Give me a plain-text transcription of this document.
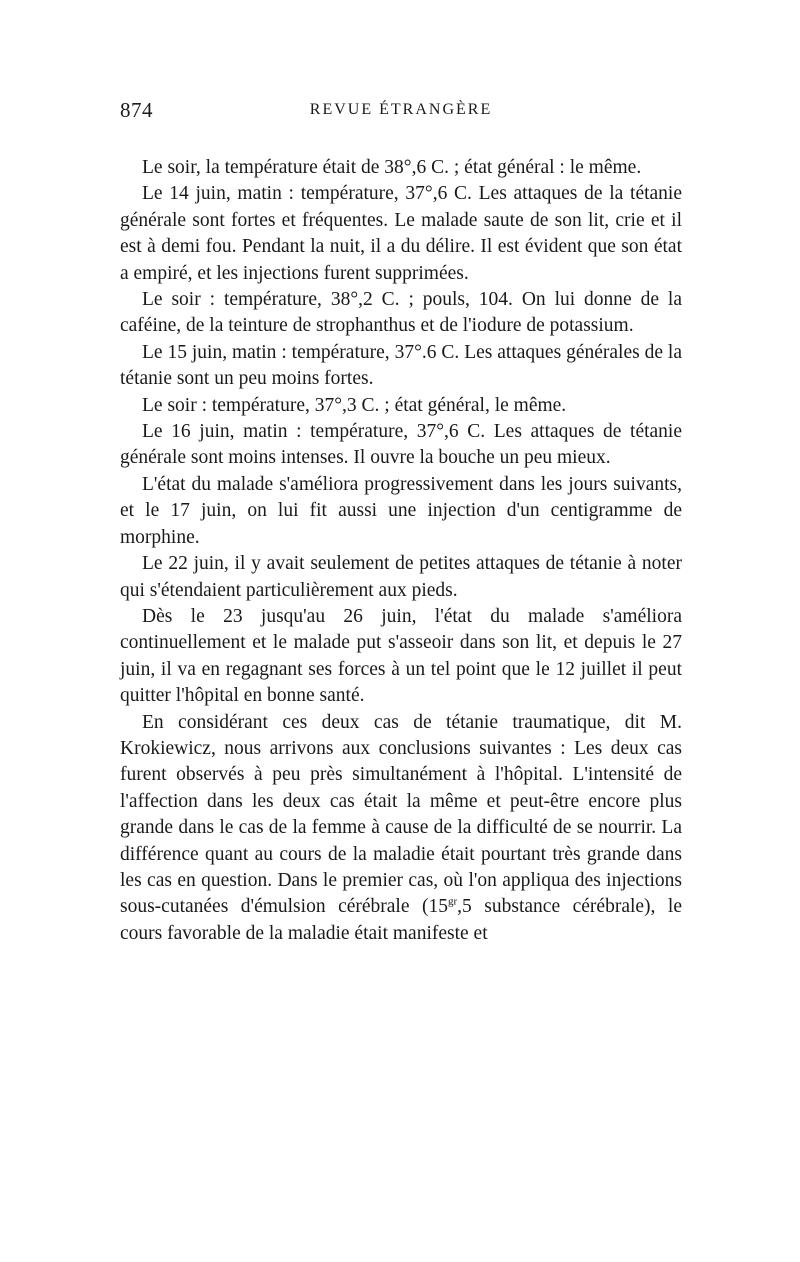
874	REVUE ÉTRANGÈRE

Le soir, la température était de 38°,6 C. ; état général : le même.

Le 14 juin, matin : température, 37°,6 C. Les attaques de la tétanie générale sont fortes et fréquentes. Le malade saute de son lit, crie et il est à demi fou. Pendant la nuit, il a du délire. Il est évident que son état a empiré, et les injections furent supprimées.

Le soir : température, 38°,2 C. ; pouls, 104. On lui donne de la caféine, de la teinture de strophanthus et de l'iodure de potassium.

Le 15 juin, matin : température, 37°.6 C. Les attaques générales de la tétanie sont un peu moins fortes.

Le soir : température, 37°,3 C. ; état général, le même.

Le 16 juin, matin : température, 37°,6 C. Les attaques de tétanie générale sont moins intenses. Il ouvre la bouche un peu mieux.

L'état du malade s'améliora progressivement dans les jours suivants, et le 17 juin, on lui fit aussi une injection d'un centigramme de morphine.

Le 22 juin, il y avait seulement de petites attaques de tétanie à noter qui s'étendaient particulièrement aux pieds.

Dès le 23 jusqu'au 26 juin, l'état du malade s'améliora continuellement et le malade put s'asseoir dans son lit, et depuis le 27 juin, il va en regagnant ses forces à un tel point que le 12 juillet il peut quitter l'hôpital en bonne santé.

En considérant ces deux cas de tétanie traumatique, dit M. Krokiewicz, nous arrivons aux conclusions suivantes : Les deux cas furent observés à peu près simultanément à l'hôpital. L'intensité de l'affection dans les deux cas était la même et peut-être encore plus grande dans le cas de la femme à cause de la difficulté de se nourrir. La différence quant au cours de la maladie était pourtant très grande dans les cas en question. Dans le premier cas, où l'on appliqua des injections sous-cutanées d'émulsion cérébrale ($15^{gr},5$ substance cérébrale), le cours favorable de la maladie était manifeste et
